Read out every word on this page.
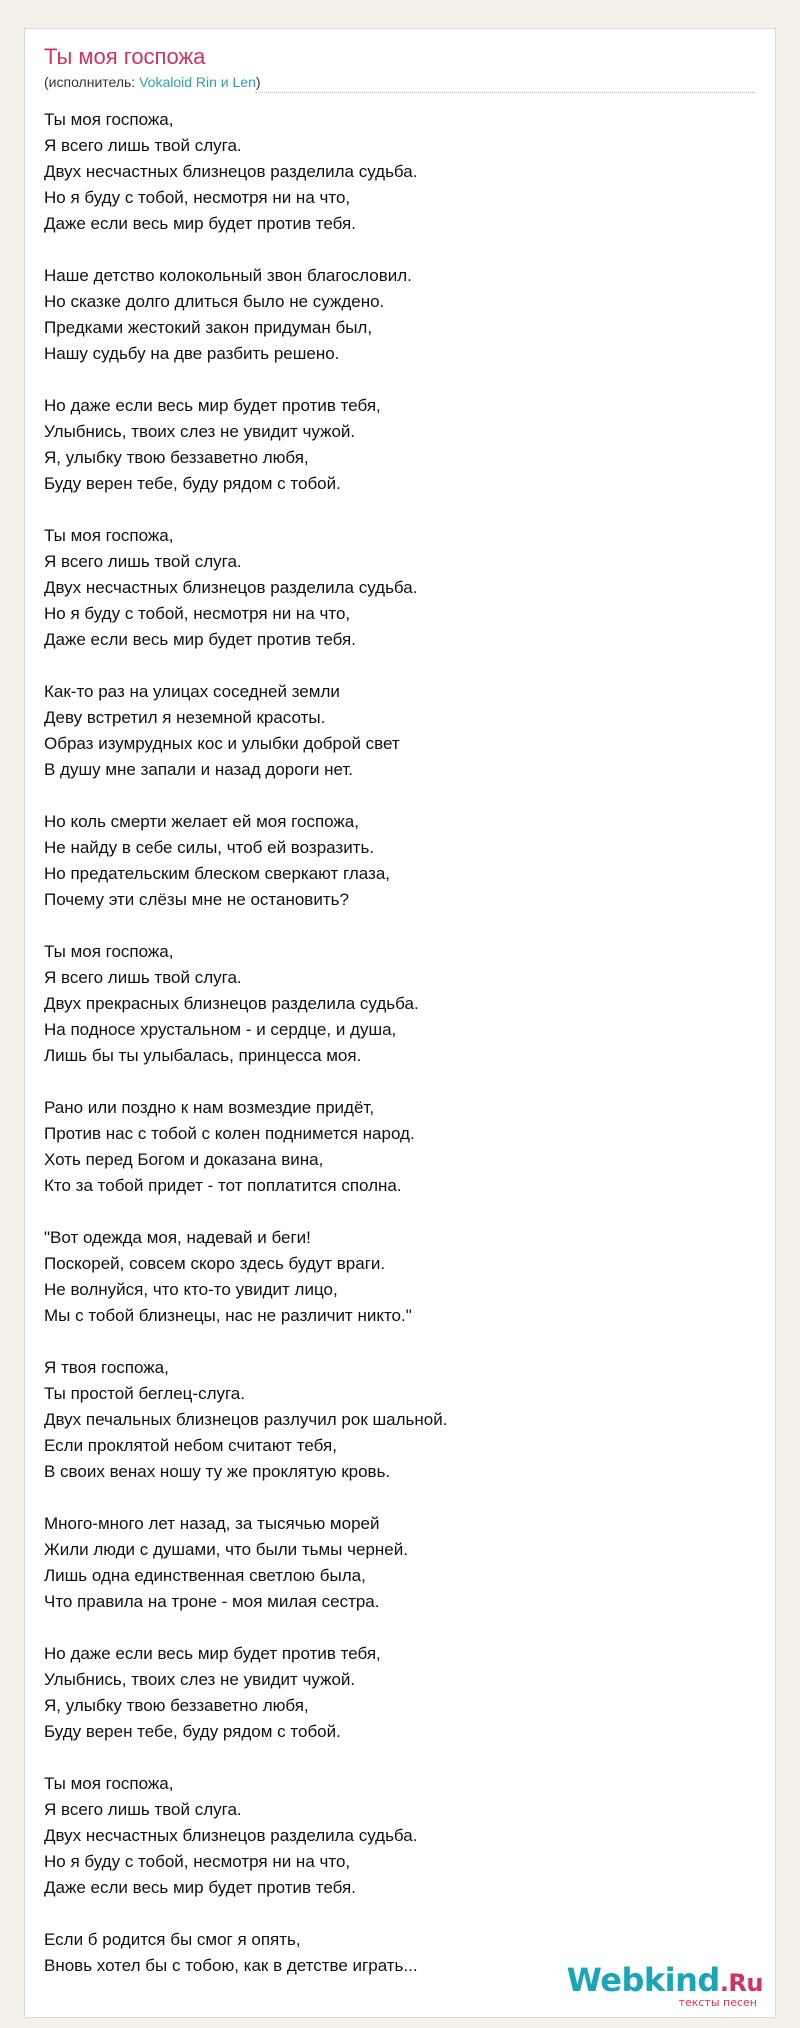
Ты моя госпожа
(исполнитель: Vokaloid Rin и Len)
Ты моя госпожа,
Я всего лишь твой слуга.
Двух несчастных близнецов разделила судьба.
Но я буду с тобой, несмотря ни на что,
Даже если весь мир будет против тебя.
Наше детство колокольный звон благословил.
Но сказке долго длиться было не суждено.
Предками жестокий закон придуман был,
Нашу судьбу на две разбить решено.
Но даже если весь мир будет против тебя,
Улыбнись, твоих слез не увидит чужой.
Я, улыбку твою беззаветно любя,
Буду верен тебе, буду рядом с тобой.
Ты моя госпожа,
Я всего лишь твой слуга.
Двух несчастных близнецов разделила судьба.
Но я буду с тобой, несмотря ни на что,
Даже если весь мир будет против тебя.
Как-то раз на улицах соседней земли
Деву встретил я неземной красоты.
Образ изумрудных кос и улыбки доброй свет
В душу мне запали и назад дороги нет.
Но коль смерти желает ей моя госпожа,
Не найду в себе силы, чтоб ей возразить.
Но предательским блеском сверкают глаза,
Почему эти слёзы мне не остановить?
Ты моя госпожа,
Я всего лишь твой слуга.
Двух прекрасных близнецов разделила судьба.
На подносе хрустальном - и сердце, и душа,
Лишь бы ты улыбалась, принцесса моя.
Рано или поздно к нам возмездие придёт,
Против нас с тобой с колен поднимется народ.
Хоть перед Богом и доказана вина,
Кто за тобой придет - тот поплатится сполна.
"Вот одежда моя, надевай и беги!
Поскорей, совсем скоро здесь будут враги.
Не волнуйся, что кто-то увидит лицо,
Мы с тобой близнецы, нас не различит никто."
Я твоя госпожа,
Ты простой беглец-слуга.
Двух печальных близнецов разлучил рок шальной.
Если проклятой небом считают тебя,
В своих венах ношу ту же проклятую кровь.
Много-много лет назад, за тысячью морей
Жили люди с душами, что были тьмы черней.
Лишь одна единственная светлою была,
Что правила на троне - моя милая сестра.
Но даже если весь мир будет против тебя,
Улыбнись, твоих слез не увидит чужой.
Я, улыбку твою беззаветно любя,
Буду верен тебе, буду рядом с тобой.
Ты моя госпожа,
Я всего лишь твой слуга.
Двух несчастных близнецов разделила судьба.
Но я буду с тобой, несмотря ни на что,
Даже если весь мир будет против тебя.
Если б родится бы смог я опять,
Вновь хотел бы с тобою, как в детстве играть...	Webkind.Ru
тексты песен
